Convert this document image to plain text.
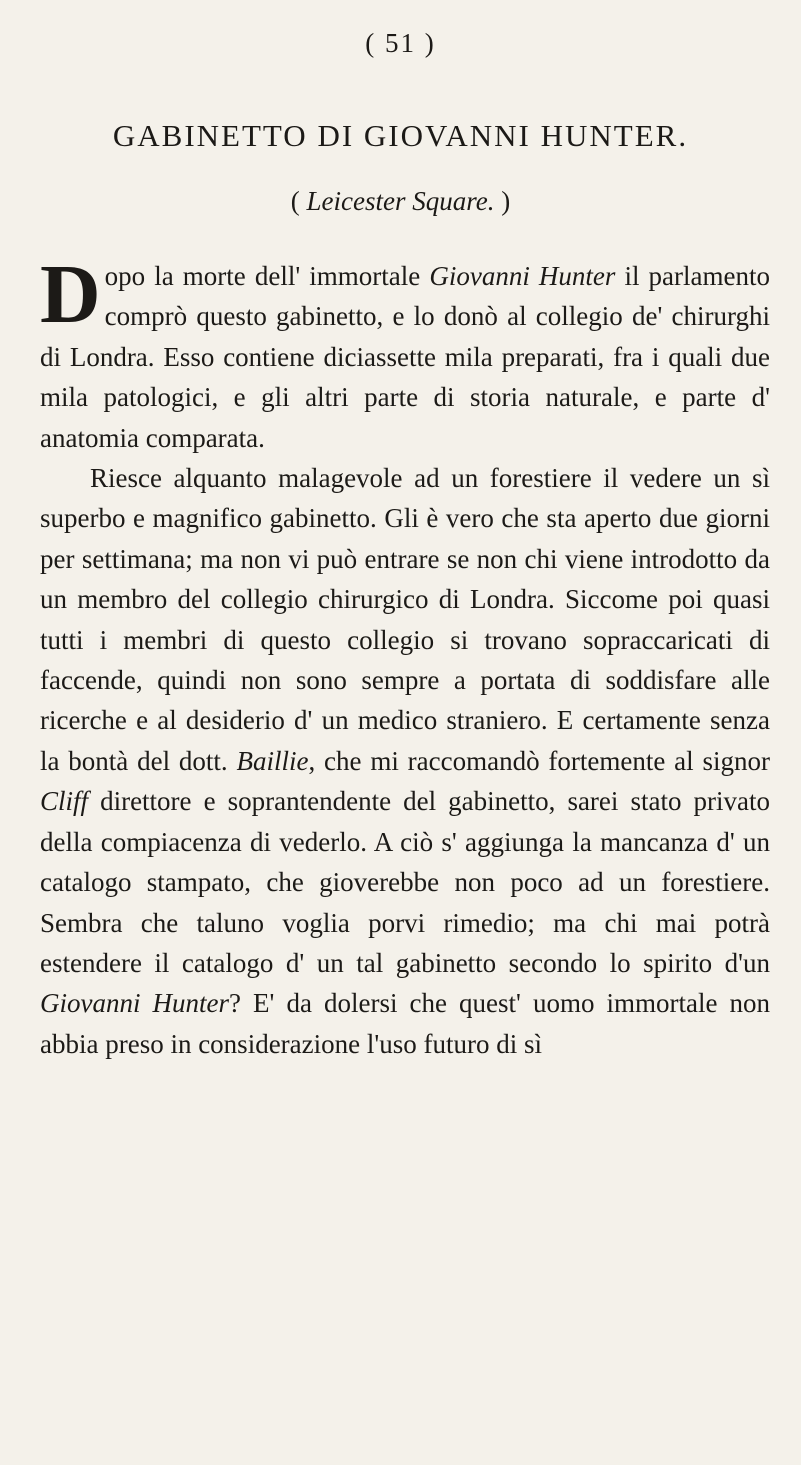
( 51 )
GABINETTO DI GIOVANNI HUNTER.
( Leicester Square. )

Dopo la morte dell' immortale Giovanni Hunter il parlamento comprò questo gabinetto, e lo donò al collegio de' chirurghi di Londra. Esso contiene diciassette mila preparati, fra i quali due mila patologici, e gli altri parte di storia naturale, e parte d' anatomia comparata.

Riesce alquanto malagevole ad un forestiere il vedere un sì superbo e magnifico gabinetto. Gli è vero che sta aperto due giorni per settimana; ma non vi può entrare se non chi viene introdotto da un membro del collegio chirurgico di Londra. Siccome poi quasi tutti i membri di questo collegio si trovano sopraccaricati di faccende, quindi non sono sempre a portata di soddisfare alle ricerche e al desiderio d' un medico straniero. E certamente senza la bontà del dott. Baillie, che mi raccomandò fortemente al signor Cliff direttore e soprantendente del gabinetto, sarei stato privato della compiacenza di vederlo. A ciò s' aggiunga la mancanza d' un catalogo stampato, che gioverebbe non poco ad un forestiere. Sembra che taluno voglia porvi rimedio; ma chi mai potrà estendere il catalogo d' un tal gabinetto secondo lo spirito d'un Giovanni Hunter? E' da dolersi che quest' uomo immortale non abbia preso in considerazione l'uso futuro di sì
